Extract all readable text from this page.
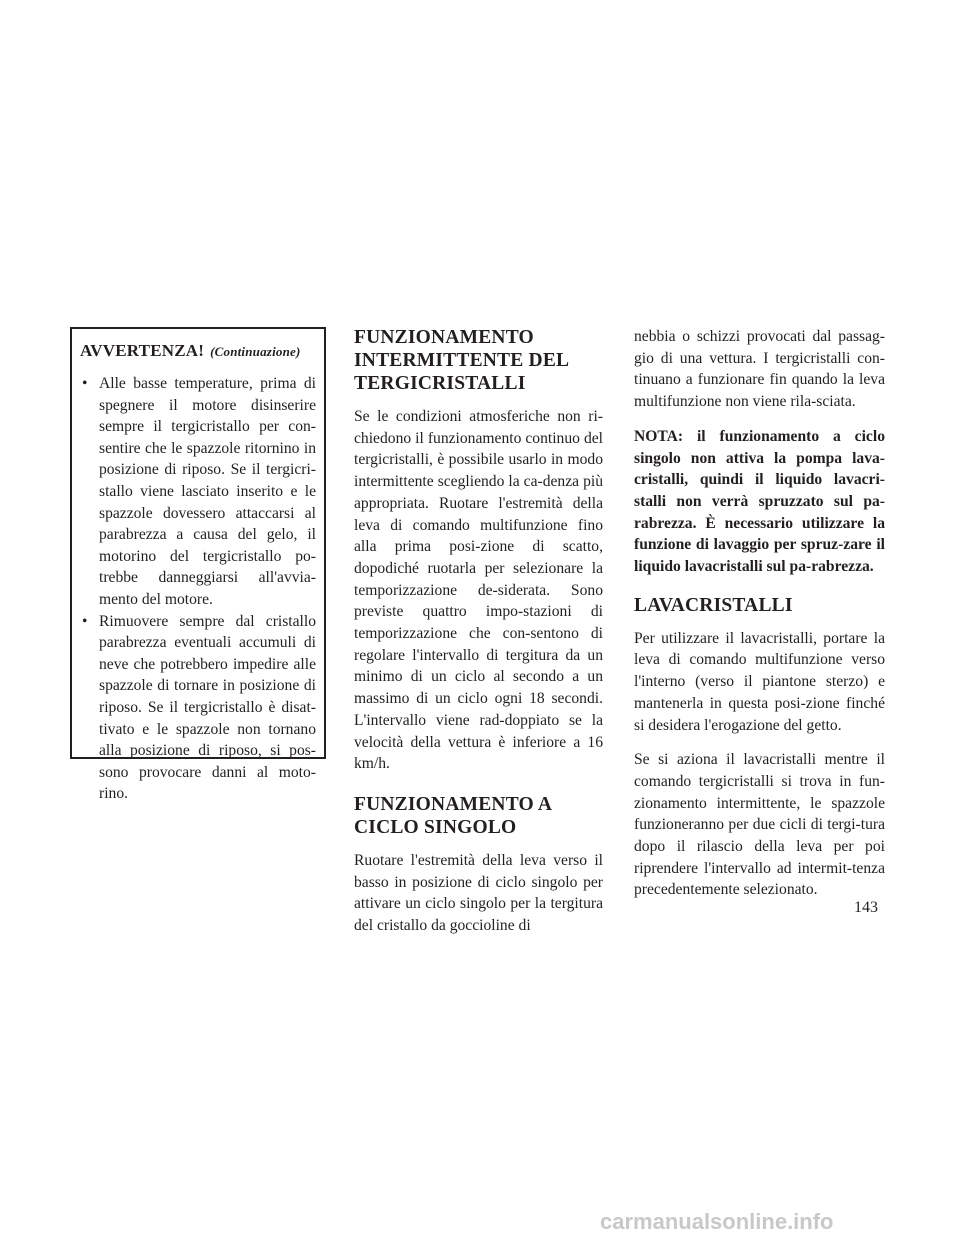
AVVERTENZA! (Continuazione)
• Alle basse temperature, prima di spegnere il motore disinserire sempre il tergicristallo per con-sentire che le spazzole ritornino in posizione di riposo. Se il tergicri-stallo viene lasciato inserito e le spazzole dovessero attaccarsi al parabrezza a causa del gelo, il motorino del tergicristallo po-trebbe danneggiarsi all'avvia-mento del motore.
• Rimuovere sempre dal cristallo parabrezza eventuali accumuli di neve che potrebbero impedire alle spazzole di tornare in posizione di riposo. Se il tergicristallo è disat-tivato e le spazzole non tornano alla posizione di riposo, si pos-sono provocare danni al moto-rino.
FUNZIONAMENTO INTERMITTENTE DEL TERGICRISTALLI

Se le condizioni atmosferiche non ri-chiedono il funzionamento continuo del tergicristalli, è possibile usarlo in modo intermittente scegliendo la ca-denza più appropriata. Ruotare l'estremità della leva di comando multifunzione fino alla prima posi-zione di scatto, dopodiché ruotarla per selezionare la temporizzazione de-siderata. Sono previste quattro impo-stazioni di temporizzazione che con-sentono di regolare l'intervallo di tergitura da un minimo di un ciclo al secondo a un massimo di un ciclo ogni 18 secondi. L'intervallo viene rad-doppiato se la velocità della vettura è inferiore a 16 km/h.

FUNZIONAMENTO A CICLO SINGOLO

Ruotare l'estremità della leva verso il basso in posizione di ciclo singolo per attivare un ciclo singolo per la tergitura del cristallo da goccioline di

nebbia o schizzi provocati dal passag-gio di una vettura. I tergicristalli con-tinuano a funzionare fin quando la leva multifunzione non viene rila-sciata.

NOTA: il funzionamento a ciclo singolo non attiva la pompa lava-cristalli, quindi il liquido lavacri-stalli non verrà spruzzato sul pa-rabrezza. È necessario utilizzare la funzione di lavaggio per spruz-zare il liquido lavacristalli sul pa-rabrezza.

LAVACRISTALLI

Per utilizzare il lavacristalli, portare la leva di comando multifunzione verso l'interno (verso il piantone sterzo) e mantenerla in questa posi-zione finché si desidera l'erogazione del getto.

Se si aziona il lavacristalli mentre il comando tergicristalli si trova in fun-zionamento intermittente, le spazzole funzioneranno per due cicli di tergi-tura dopo il rilascio della leva per poi riprendere l'intervallo ad intermit-tenza precedentemente selezionato.

143
carmanualsonline.info
